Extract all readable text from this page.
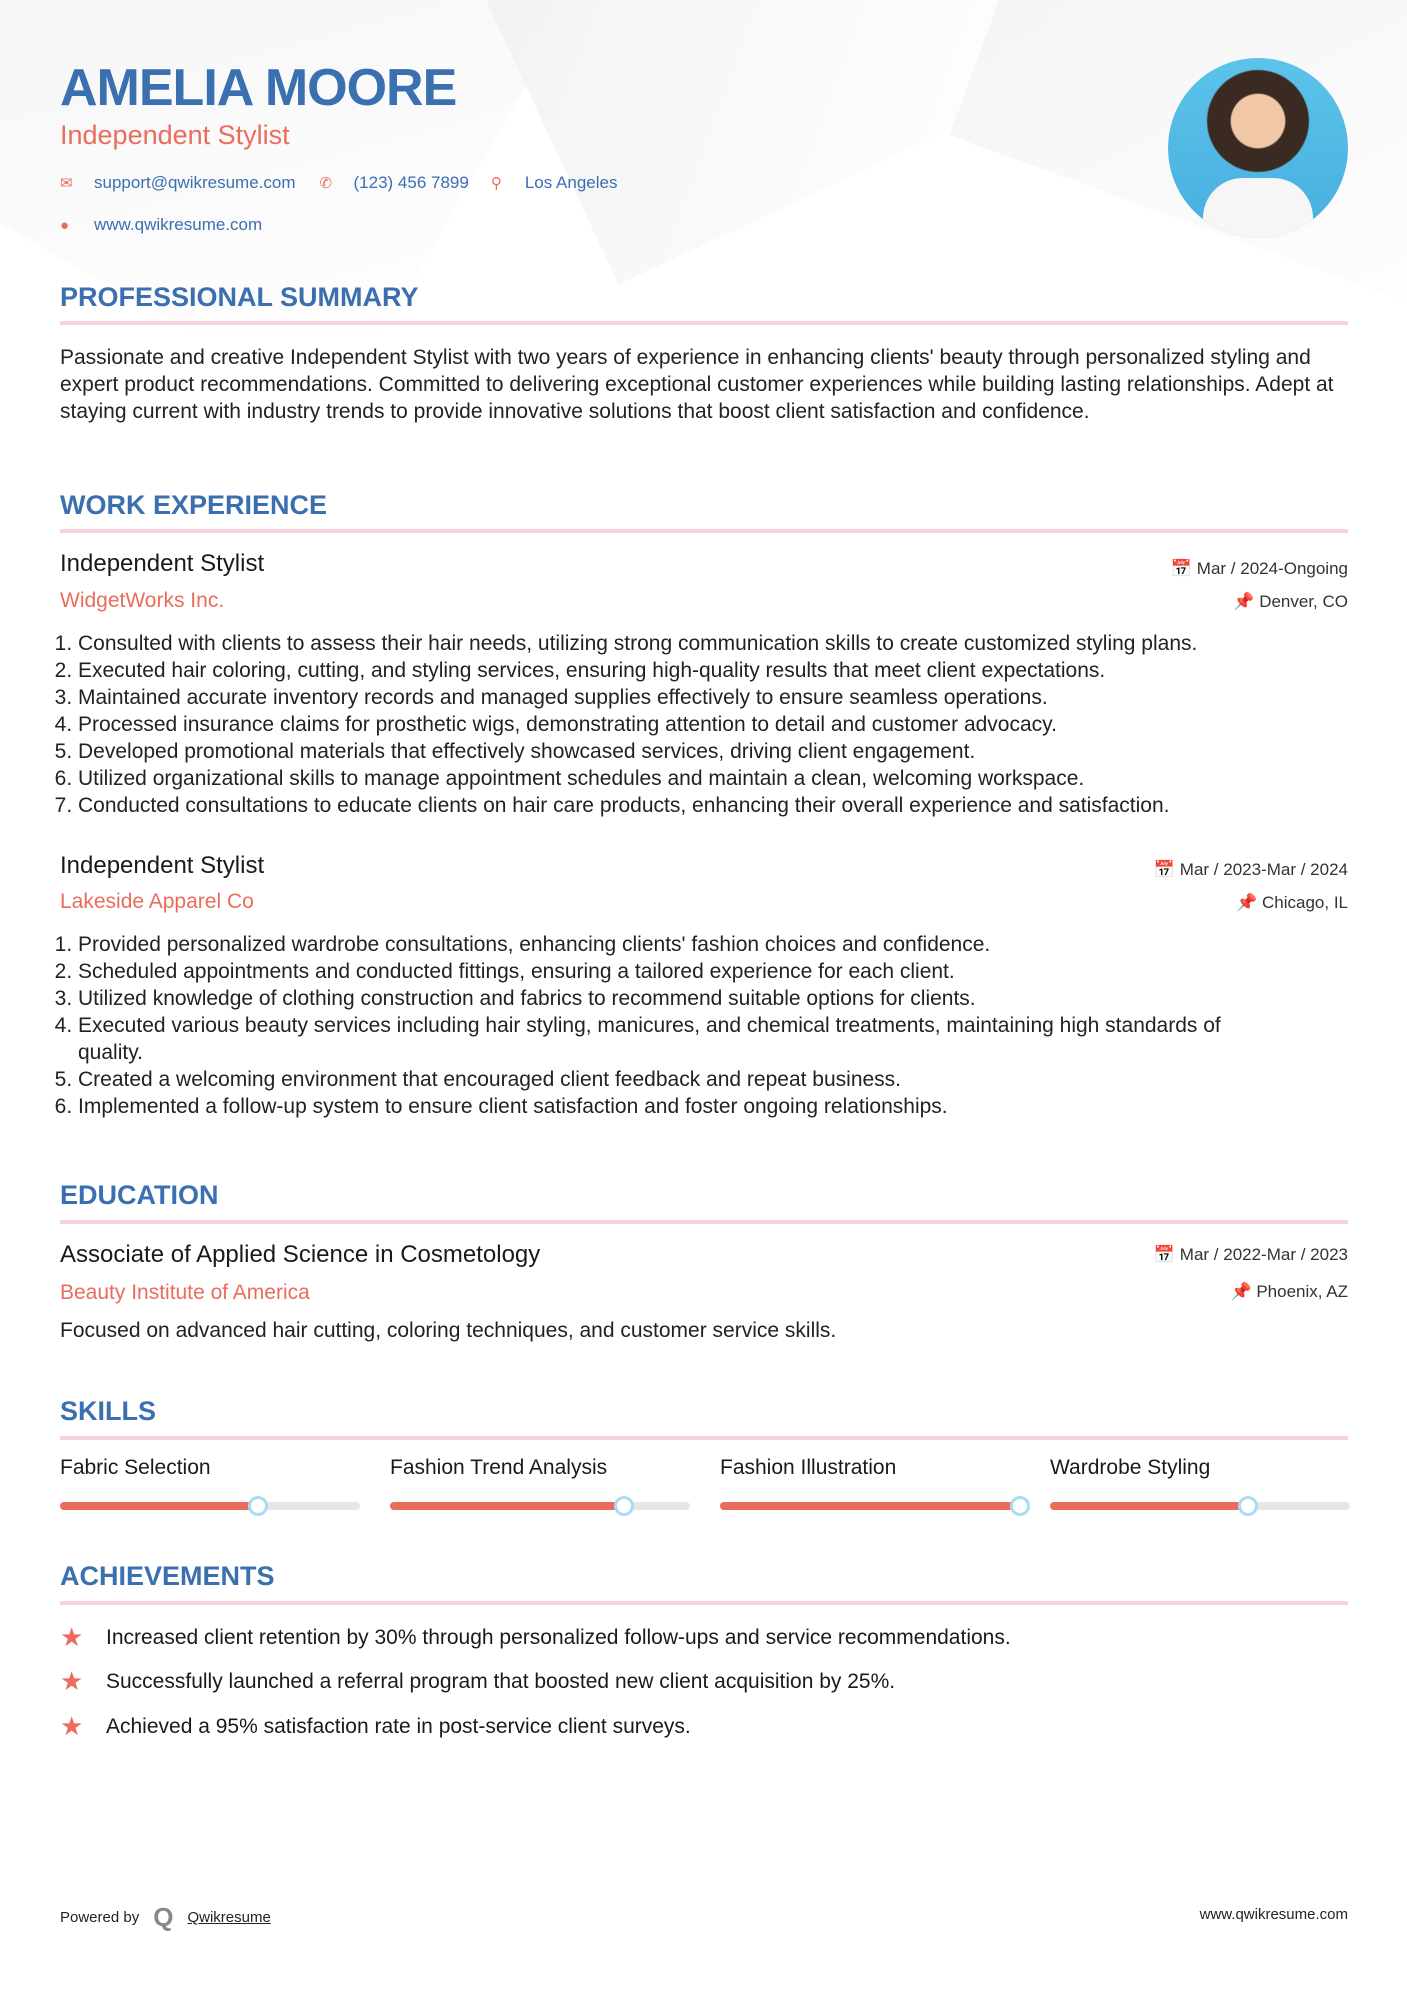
AMELIA MOORE
Independent Stylist
✉	support@qwikresume.com ✆	(123) 456 7899 ⚲	Los Angeles
●	www.qwikresume.com
PROFESSIONAL SUMMARY
Passionate and creative Independent Stylist with two years of experience in enhancing clients' beauty through personalized styling and expert product recommendations. Committed to delivering exceptional customer experiences while building lasting relationships. Adept at staying current with industry trends to provide innovative solutions that boost client satisfaction and confidence.
WORK EXPERIENCE
Independent Stylist
WidgetWorks Inc.
📅 Mar / 2024-Ongoing
📌 Denver, CO
1. Consulted with clients to assess their hair needs, utilizing strong communication skills to create customized styling plans.
2. Executed hair coloring, cutting, and styling services, ensuring high-quality results that meet client expectations.
3. Maintained accurate inventory records and managed supplies effectively to ensure seamless operations.
4. Processed insurance claims for prosthetic wigs, demonstrating attention to detail and customer advocacy.
5. Developed promotional materials that effectively showcased services, driving client engagement.
6. Utilized organizational skills to manage appointment schedules and maintain a clean, welcoming workspace.
7. Conducted consultations to educate clients on hair care products, enhancing their overall experience and satisfaction.
Independent Stylist
Lakeside Apparel Co
📅 Mar / 2023-Mar / 2024
📌 Chicago, IL
1. Provided personalized wardrobe consultations, enhancing clients' fashion choices and confidence.
2. Scheduled appointments and conducted fittings, ensuring a tailored experience for each client.
3. Utilized knowledge of clothing construction and fabrics to recommend suitable options for clients.
4. Executed various beauty services including hair styling, manicures, and chemical treatments, maintaining high standards of quality.
5. Created a welcoming environment that encouraged client feedback and repeat business.
6. Implemented a follow-up system to ensure client satisfaction and foster ongoing relationships.
EDUCATION
Associate of Applied Science in Cosmetology
Beauty Institute of America
📅 Mar / 2022-Mar / 2023
📌 Phoenix, AZ
Focused on advanced hair cutting, coloring techniques, and customer service skills.
SKILLS
Fabric Selection	Fashion Trend Analysis	Fashion Illustration	Wardrobe Styling
ACHIEVEMENTS
★	Increased client retention by 30% through personalized follow-ups and service recommendations.
★	Successfully launched a referral program that boosted new client acquisition by 25%.
★	Achieved a 95% satisfaction rate in post-service client surveys.
Powered by Q Qwikresume	www.qwikresume.com
